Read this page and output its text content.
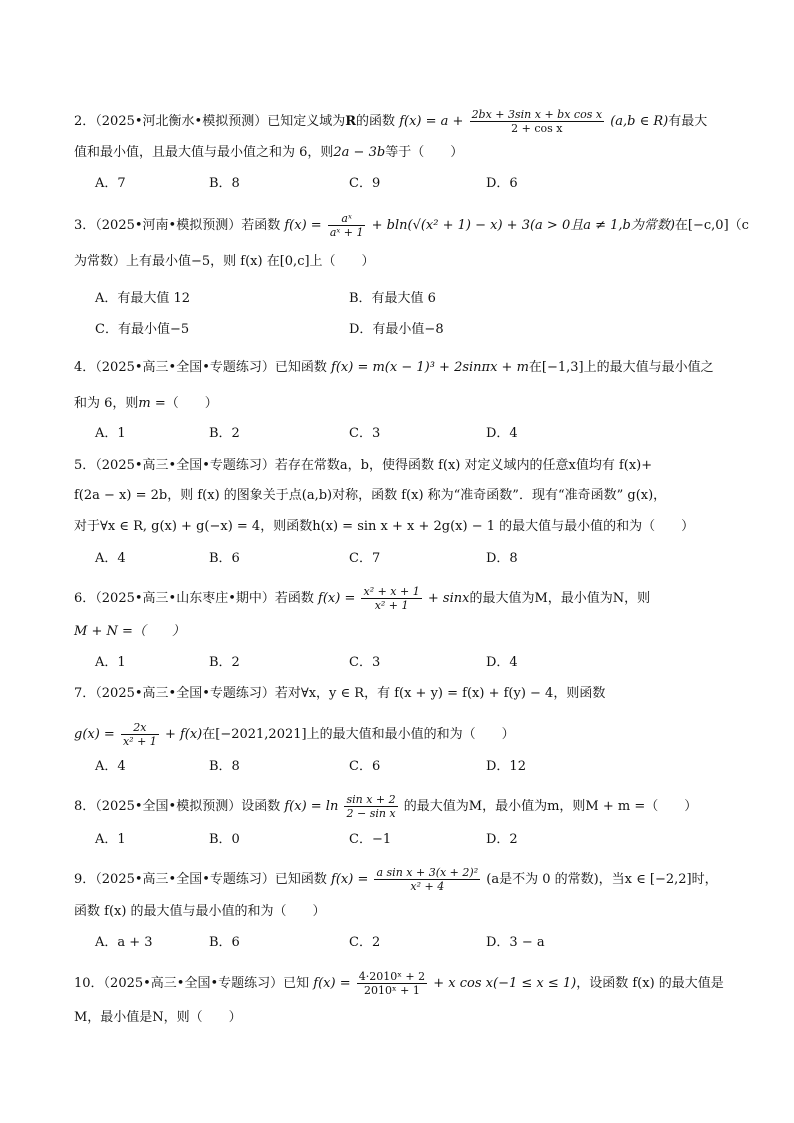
2．（2025•河北衡水•模拟预测）已知定义域为R的函数 $f(x) = a + \frac{\text{2bx + 3sin x + bx cos x}}{\text{2 + cos x}} (a,b$ ∈ R)有最大
值和最小值，且最大值与最小值之和为 6，则2a − 3b等于（　　）
A．7	B．8	C．9	D．6
3．（2025•河南•模拟预测）若函数 $f(x) = \frac{\text{aˣ}}{\text{aˣ + 1}} + bln(√(x^2 + 1) - x) + 3(a > 0$且a ≠ 1,b为常数)在[−c,0]（c
为常数）上有最小值−5，则 f(x) 在[0,c]上（　　）
A．有最大值 12	B．有最大值 6
C．有最小值−5	D．有最小值−8
4．（2025•高三•全国•专题练习）已知函数 f(x) = m(x − 1)³ + 2sinπx + m在[−1,3]上的最大值与最小值之
和为 6，则m =（　　）
A．1	B．2	C．3	D．4
5．（2025•高三•全国•专题练习）若存在常数a，b，使得函数 f(x) 对定义域内的任意x值均有 f(x)+
f(2a − x) = 2b，则 f(x) 的图象关于点(a,b)对称，函数 f(x) 称为“准奇函数”．现有“准奇函数” g(x)，
对于∀x ∈ R, g(x) + g(−x) = 4，则函数h(x) = sin x + x + 2g(x) − 1 的最大值与最小值的和为（　　）
A．4	B．6	C．7	D．8
6．（2025•高三•山东枣庄•期中）若函数 $f(x) = \frac{\text{x² + x + 1}}{\text{x² + 1}} + \sin x$的最大值为M，最小值为N，则
M + N =（　　）
A．1	B．2	C．3	D．4
7．（2025•高三•全国•专题练习）若对∀x，y ∈ R，有 f(x + y) = f(x) + f(y) − 4，则函数
$g(x) = \frac{2x}{\text{x² + 1}} + f(x)$在[−2021,2021]上的最大值和最小值的和为（　　）
A．4	B．8	C．6	D．12
8．（2025•全国•模拟预测）设函数 $f(x) = \ln \frac{\text{sin x + 2}}{\text{2 − sin x}}$ 的最大值为M，最小值为m，则M + m =（　　）
A．1	B．0	C．−1	D．2
9．（2025•高三•全国•专题练习）已知函数 $f(x) = \frac{\text{a sin x + 3(x + 2)²}}{\text{x² + 4}} (a$是不为 0 的常数)，当x ∈ [−2,2]时，
函数 f(x) 的最大值与最小值的和为（　　）
A．a + 3	B．6	C．2	D．3 − a
10．（2025•高三•全国•专题练习）已知 $f(x) = \frac{\text{4·2010ˣ + 2}}{\text{2010ˣ + 1}} + x$ cos x(−1 ≤ x ≤ 1)，设函数 f(x) 的最大值是
M，最小值是N，则（　　）
